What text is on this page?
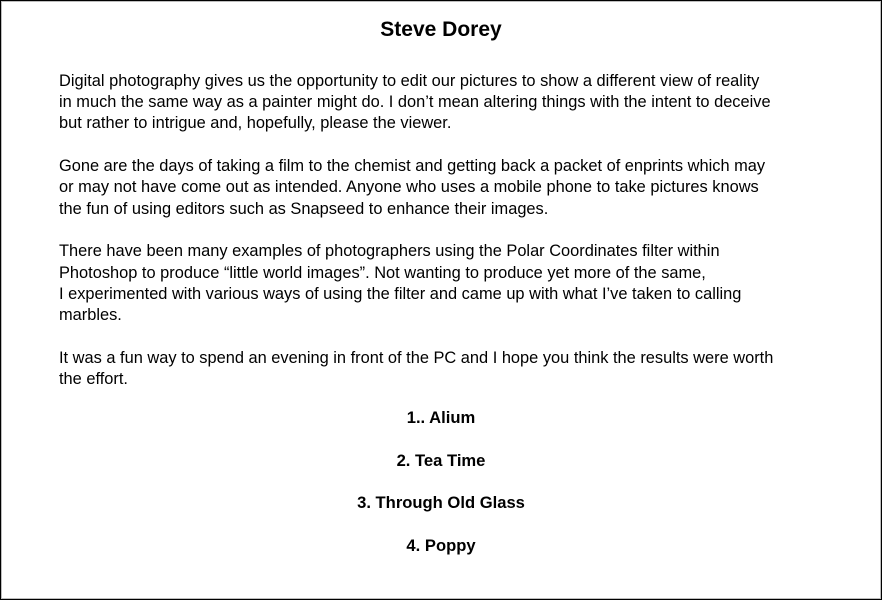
Steve Dorey

Digital photography gives us the opportunity to edit our pictures to show a different view of reality
in much the same way as a painter might do. I don’t mean altering things with the intent to deceive
but rather to intrigue and, hopefully, please the viewer.

Gone are the days of taking a film to the chemist and getting back a packet of enprints which may
or may not have come out as intended. Anyone who uses a mobile phone to take pictures knows
the fun of using editors such as Snapseed to enhance their images.

There have been many examples of photographers using the Polar Coordinates filter within
Photoshop to produce “little world images”. Not wanting to produce yet more of the same,
I experimented with various ways of using the filter and came up with what I’ve taken to calling
marbles.

It was a fun way to spend an evening in front of the PC and I hope you think the results were worth
the effort.

1.. Alium
2. Tea Time
3. Through Old Glass
4. Poppy
